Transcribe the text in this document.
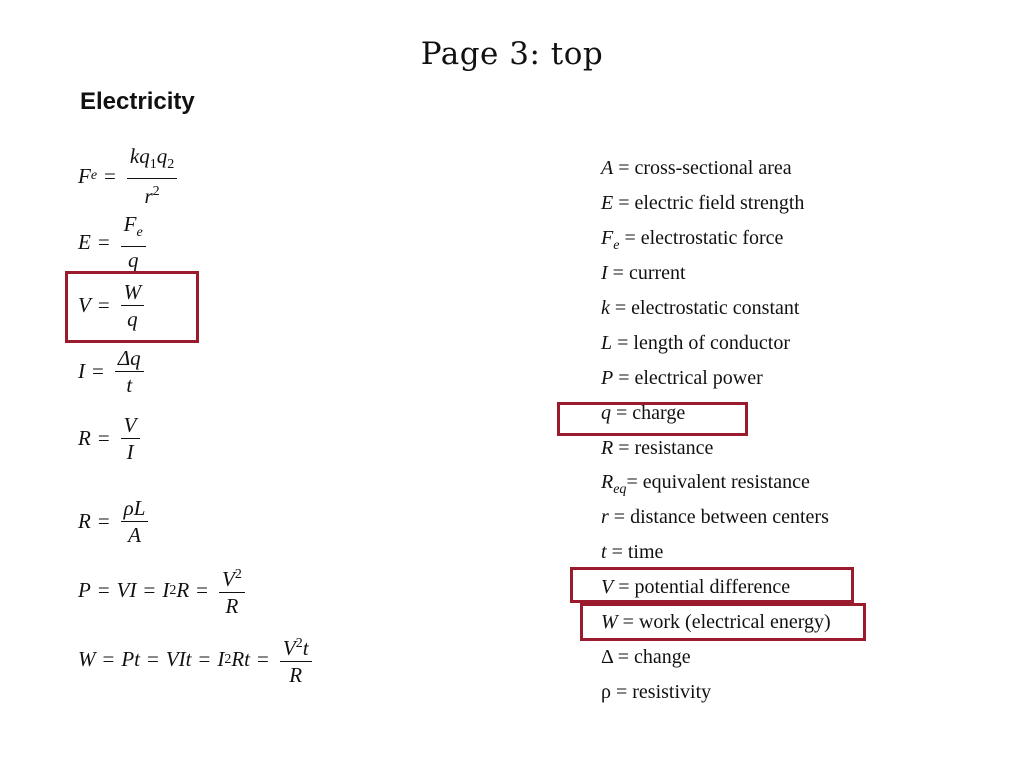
Page 3: top
Electricity
F $e = \frac{kq_1q_2}{r^2}$
$E = \frac{F_e}{q}$
$V = \frac{W}{q}$
$I = \frac{\Delta q}{t}$
$R = \frac{V}{I}$
$R = \frac{\rho L}{A}$
P = VI = I 2 $R = \frac{V^2}{R}$
W = Pt = VIt = I 2 $Rt = \frac{V^2t}{R}$
A = cross-sectional area
E = electric field strength
$F_e$ = electrostatic force
I = current
k = electrostatic constant
L = length of conductor
P = electrical power
q = charge
R = resistance
$R_{eq}=$ equivalent resistance
r = distance between centers
t = time
V = potential difference
W = work (electrical energy)
Δ = change
ρ = resistivity
